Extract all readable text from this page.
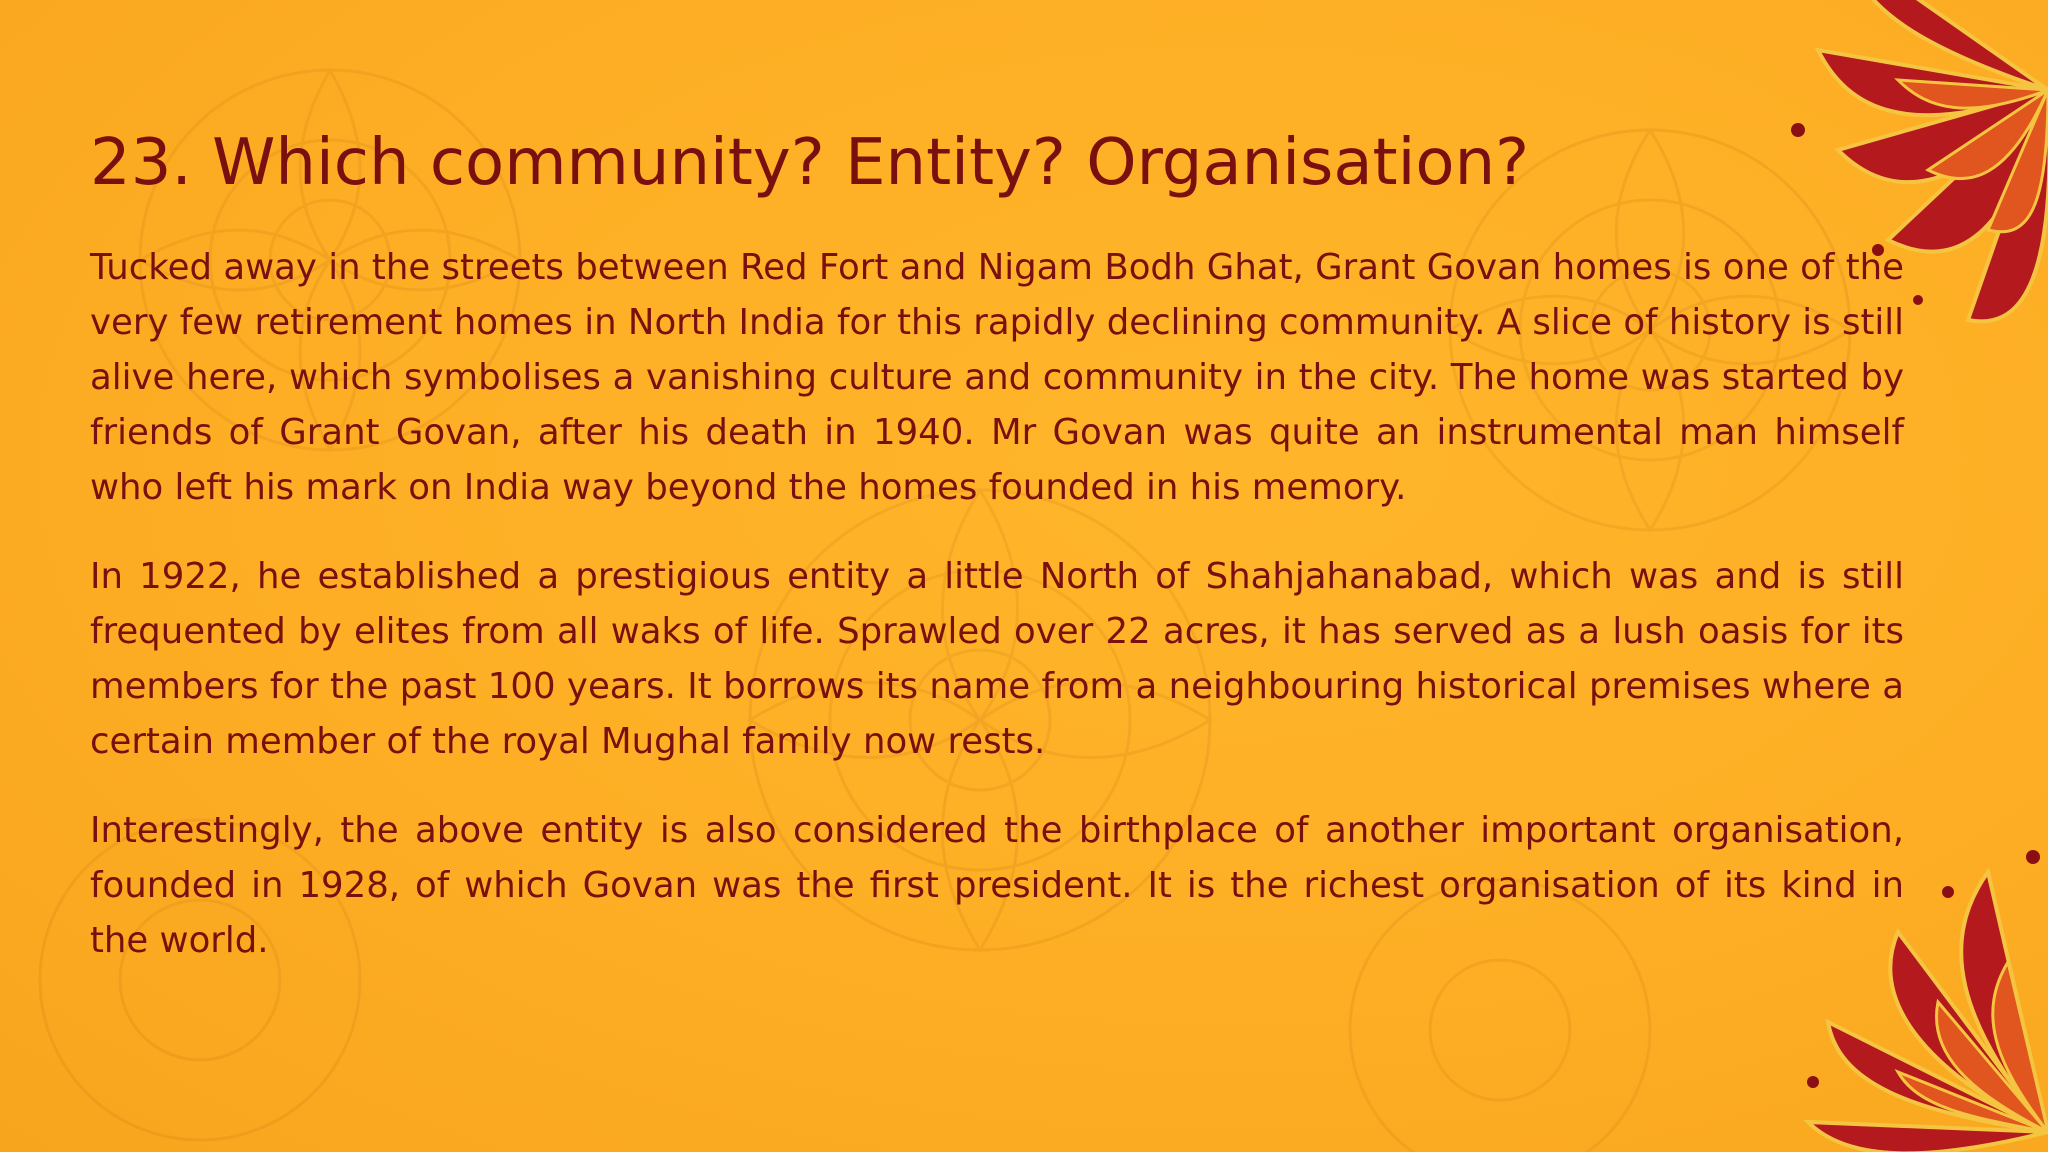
23. Which community? Entity? Organisation?

Tucked away in the streets between Red Fort and Nigam Bodh Ghat, Grant Govan homes is one of the very few retirement homes in North India for this rapidly declining community. A slice of history is still alive here, which symbolises a vanishing culture and community in the city. The home was started by friends of Grant Govan, after his death in 1940. Mr Govan was quite an instrumental man himself who left his mark on India way beyond the homes founded in his memory.

In 1922, he established a prestigious entity a little North of Shahjahanabad, which was and is still frequented by elites from all waks of life. Sprawled over 22 acres, it has served as a lush oasis for its members for the past 100 years. It borrows its name from a neighbouring historical premises where a certain member of the royal Mughal family now rests.

Interestingly, the above entity is also considered the birthplace of another important organisation, founded in 1928, of which Govan was the first president. It is the richest organisation of its kind in the world.
